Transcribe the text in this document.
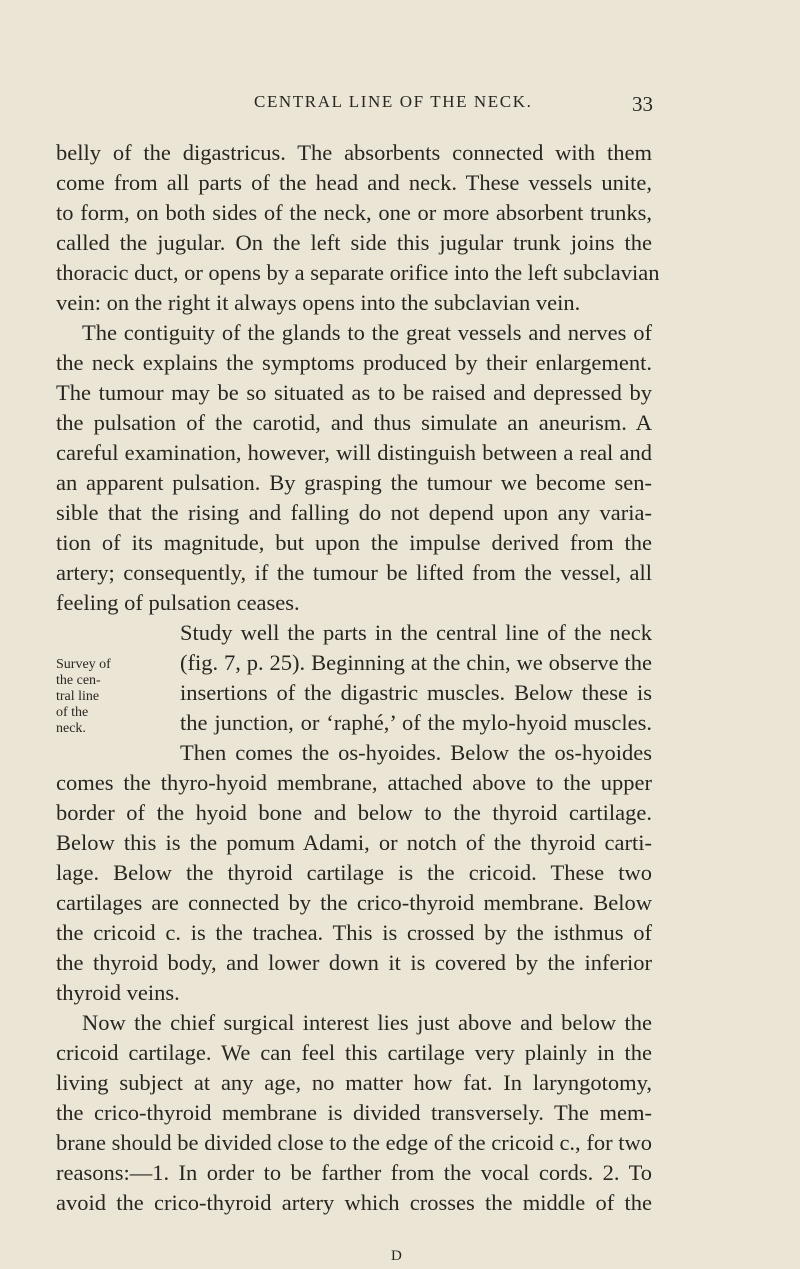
CENTRAL LINE OF THE NECK.	33
belly of the digastricus. The absorbents connected with them
come from all parts of the head and neck. These vessels unite,
to form, on both sides of the neck, one or more absorbent trunks,
called the jugular. On the left side this jugular trunk joins the
thoracic duct, or opens by a separate orifice into the left subclavian
vein: on the right it always opens into the subclavian vein.
The contiguity of the glands to the great vessels and nerves of
the neck explains the symptoms produced by their enlargement.
The tumour may be so situated as to be raised and depressed by
the pulsation of the carotid, and thus simulate an aneurism. A
careful examination, however, will distinguish between a real and
an apparent pulsation. By grasping the tumour we become sen-
sible that the rising and falling do not depend upon any varia-
tion of its magnitude, but upon the impulse derived from the
artery; consequently, if the tumour be lifted from the vessel, all
feeling of pulsation ceases.
Study well the parts in the central line of the neck
(fig. 7, p. 25). Beginning at the chin, we observe the
insertions of the digastric muscles. Below these is
the junction, or ‘raphé,’ of the mylo-hyoid muscles.
Then comes the os-hyoides. Below the os-hyoides
comes the thyro-hyoid membrane, attached above to the upper
border of the hyoid bone and below to the thyroid cartilage.
Below this is the pomum Adami, or notch of the thyroid carti-
lage. Below the thyroid cartilage is the cricoid. These two
cartilages are connected by the crico-thyroid membrane. Below
the cricoid c. is the trachea. This is crossed by the isthmus of
the thyroid body, and lower down it is covered by the inferior
thyroid veins.
Now the chief surgical interest lies just above and below the
cricoid cartilage. We can feel this cartilage very plainly in the
living subject at any age, no matter how fat. In laryngotomy,
the crico-thyroid membrane is divided transversely. The mem-
brane should be divided close to the edge of the cricoid c., for two
reasons:—1. In order to be farther from the vocal cords. 2. To
avoid the crico-thyroid artery which crosses the middle of the
Survey of
the cen-
tral line
of the
neck.
D
